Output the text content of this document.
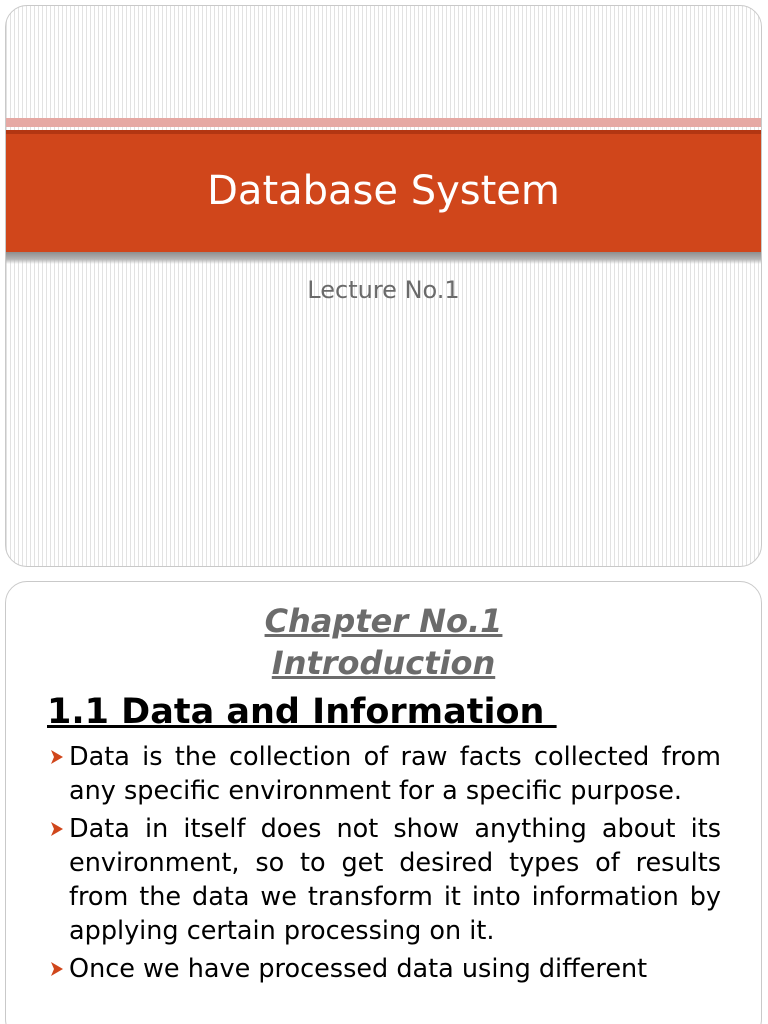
Database System
Lecture No.1
Chapter No.1
Introduction
1.1 Data and Information
Data is the collection of raw facts collected from any specific environment for a specific purpose.
Data in itself does not show anything about its environment, so to get desired types of results from the data we transform it into information by applying certain processing on it.
Once we have processed data using different
